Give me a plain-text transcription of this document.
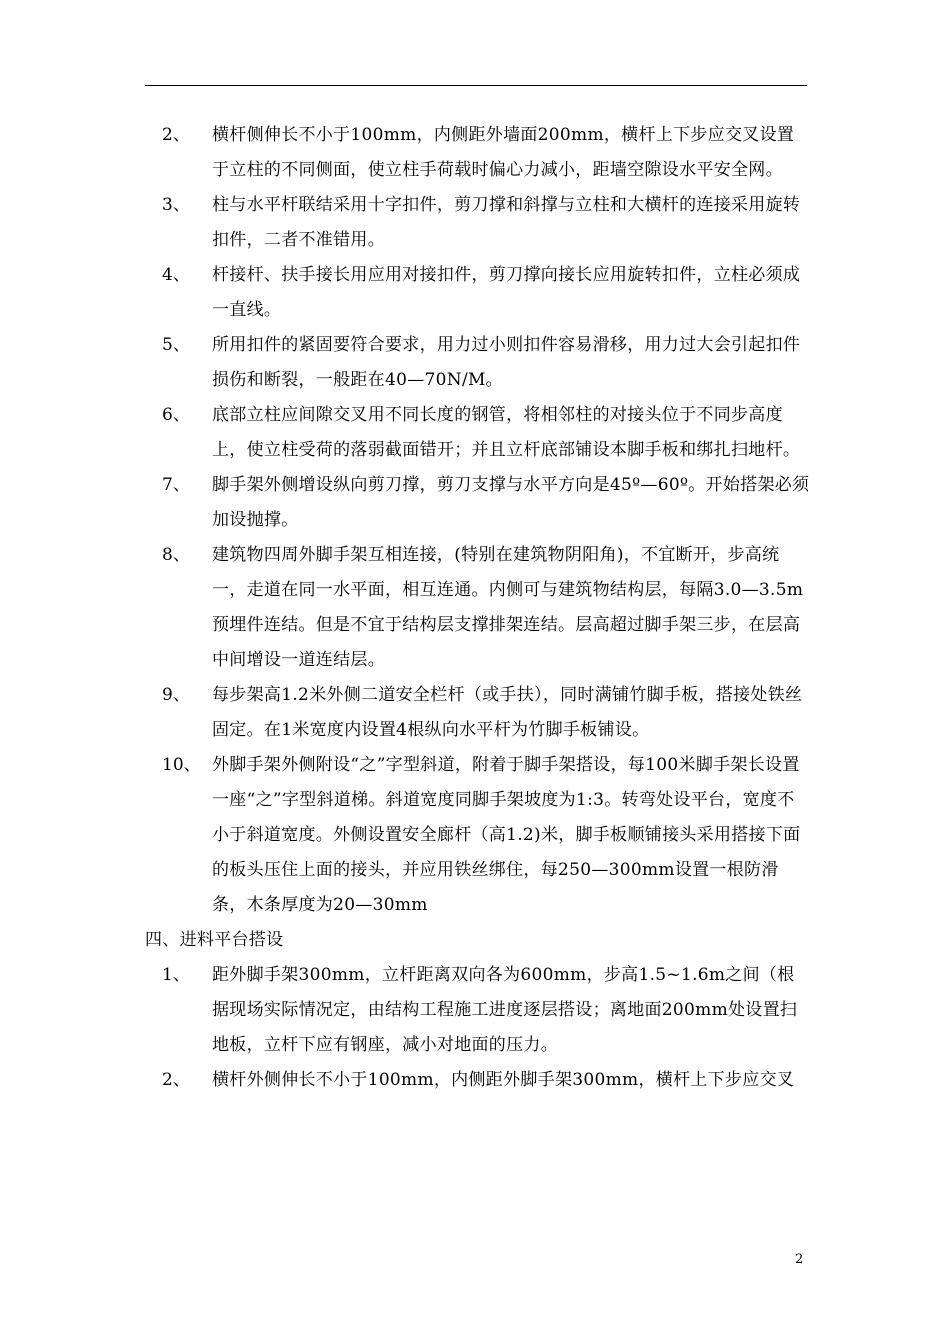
2、	横杆侧伸长不小于100mm，内侧距外墙面200mm，横杆上下步应交叉设置于立柱的不同侧面，使立柱手荷载时偏心力减小，距墙空隙设水平安全网。
3、	柱与水平杆联结采用十字扣件，剪刀撑和斜撑与立柱和大横杆的连接采用旋转扣件，二者不准错用。
4、	杆接杆、扶手接长用应用对接扣件，剪刀撑向接长应用旋转扣件，立柱必须成一直线。
5、	所用扣件的紧固要符合要求，用力过小则扣件容易滑移，用力过大会引起扣件损伤和断裂，一般距在40—70N/M。
6、	底部立柱应间隙交叉用不同长度的钢管，将相邻柱的对接头位于不同步高度上，使立柱受荷的落弱截面错开；并且立杆底部铺设本脚手板和绑扎扫地杆。
7、	脚手架外侧增设纵向剪刀撑，剪刀支撑与水平方向是45º—60º。开始搭架必须加设抛撑。
8、	建筑物四周外脚手架互相连接，(特别在建筑物阴阳角)，不宜断开，步高统一，走道在同一水平面，相互连通。内侧可与建筑物结构层，每隔3.0—3.5m预埋件连结。但是不宜于结构层支撑排架连结。层高超过脚手架三步，在层高中间增设一道连结层。
9、	每步架高1.2米外侧二道安全栏杆（或手扶），同时满铺竹脚手板，搭接处铁丝固定。在1米宽度内设置4根纵向水平杆为竹脚手板铺设。
10、 外脚手架外侧附设“之”字型斜道，附着于脚手架搭设，每100米脚手架长设置一座“之”字型斜道梯。斜道宽度同脚手架坡度为1:3。转弯处设平台，宽度不小于斜道宽度。外侧设置安全廊杆（高1.2)米，脚手板顺铺接头采用搭接下面的板头压住上面的接头，并应用铁丝绑住，每250—300mm设置一根防滑条，木条厚度为20—30mm
四、进料平台搭设
1、	距外脚手架300mm，立杆距离双向各为600mm，步高1.5~1.6m之间（根据现场实际情况定，由结构工程施工进度逐层搭设；离地面200mm处设置扫地板，立杆下应有钢座，减小对地面的压力。
2、	横杆外侧伸长不小于100mm，内侧距外脚手架300mm，横杆上下步应交叉
2
